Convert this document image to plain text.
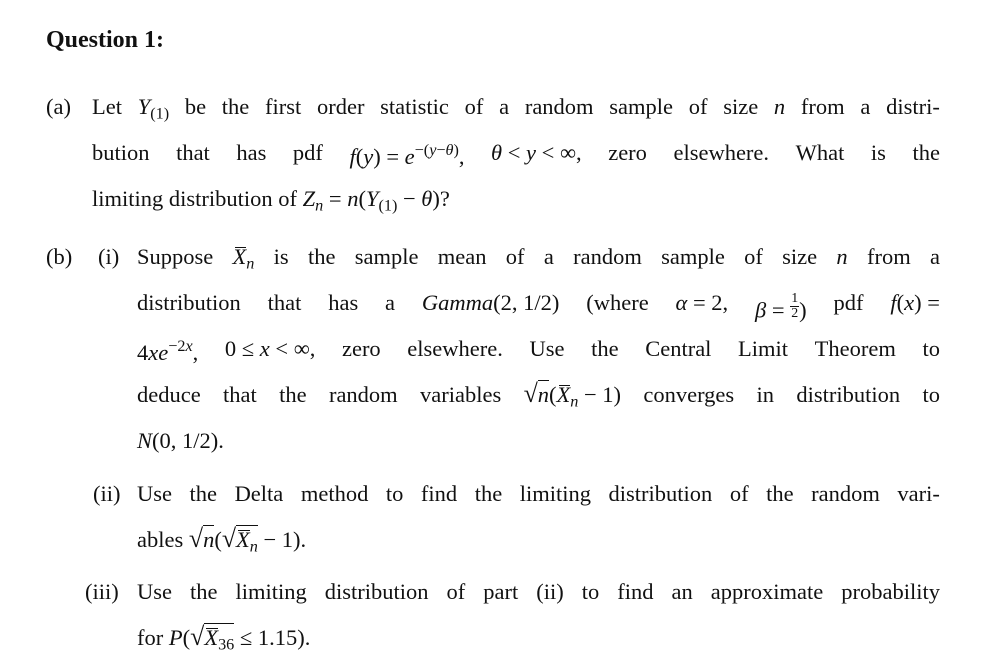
Question 1:
(a) Let $Y_{(1)}$ be the first order statistic of a random sample of size n from a distri-
bution that has pdf $f(y) = e^{-(y-\theta)}$, θ < y < ∞, zero elsewhere. What is the
limiting distribution of $Z_n = n(Y_{(1)} - \theta)$?
(b) (i) Suppose $X_n$ is the sample mean of a random sample of size n from a
distribution that has a Gamma(2, 1/2) (where α = 2, $\beta = \frac{1}{2}$ ) pdf f(x) =
$4xe^{-2x}$, 0 ≤ x < ∞, zero elsewhere. Use the Central Limit Theorem to
deduce that the random variables $√n(X_n - 1)$ converges in distribution to
N(0, 1/2).
(ii) Use the Delta method to find the limiting distribution of the random vari-
ables $√n(√X_n - 1)$.
(iii) Use the limiting distribution of part (ii) to find an approximate probability
for $P(√X_{36} \le 1.15)$.
